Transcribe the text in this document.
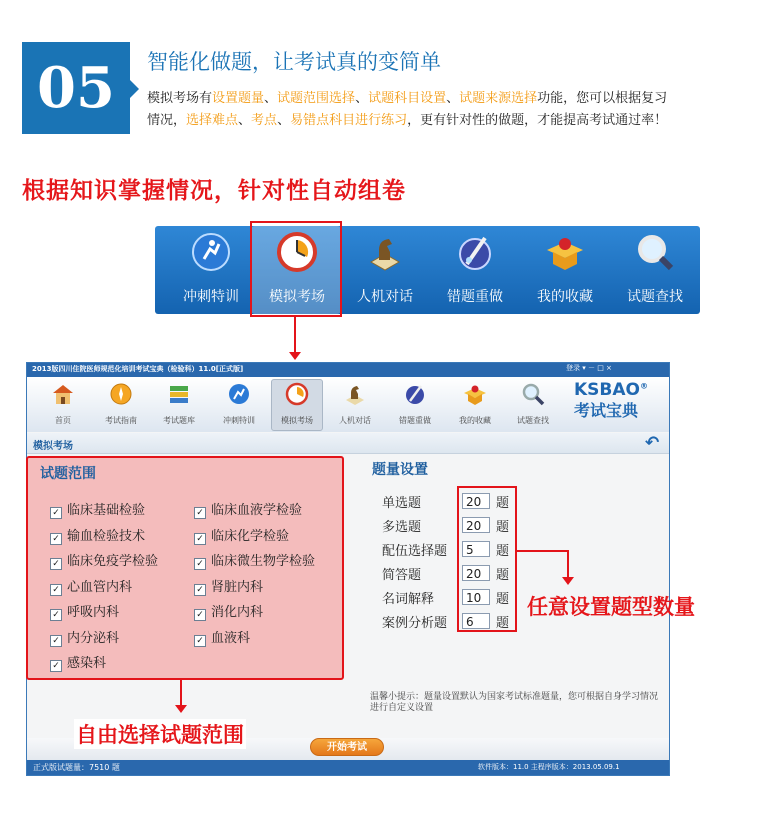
05	智能化做题，让考试真的变简单
模拟考场有设置题量、试题范围选择、试题科目设置、试题来源选择功能，您可以根据复习
情况，选择难点、考点、易错点科目进行练习，更有针对性的做题，才能提高考试通过率！
根据知识掌握情况，针对性自动组卷
冲刺特训	模拟考场	人机对话	错题重做	我的收藏	试题查找
2013版四川住院医师规范化培训考试宝典（检验科）11.0[正式版]	登录 ▾ － □ ×
首页	考试指南	考试题库	冲刺特训	模拟考场	人机对话	错题重做	我的收藏	试题查找
KSBAO®
考试宝典
模拟考场	↶
试题范围
✓ 临床基础检验	✓ 临床血液学检验
✓ 输血检验技术	✓ 临床化学检验
✓ 临床免疫学检验	✓ 临床微生物学检验
✓ 心血管内科	✓ 肾脏内科
✓ 呼吸内科	✓ 消化内科
✓ 内分泌科	✓ 血液科
✓ 感染科
题量设置
单选题	20	题
多选题	20	题
配伍选择题	5	题
简答题	20	题
名词解释	10	题
案例分析题	6	题
温馨小提示：题量设置默认为国家考试标准题量，您可根据自身学习情况进行自定义设置
任意设置题型数量
自由选择试题范围
开始考试
正式版试题量：7510 题	软件版本：11.0 主程序版本：2013.05.09.1
